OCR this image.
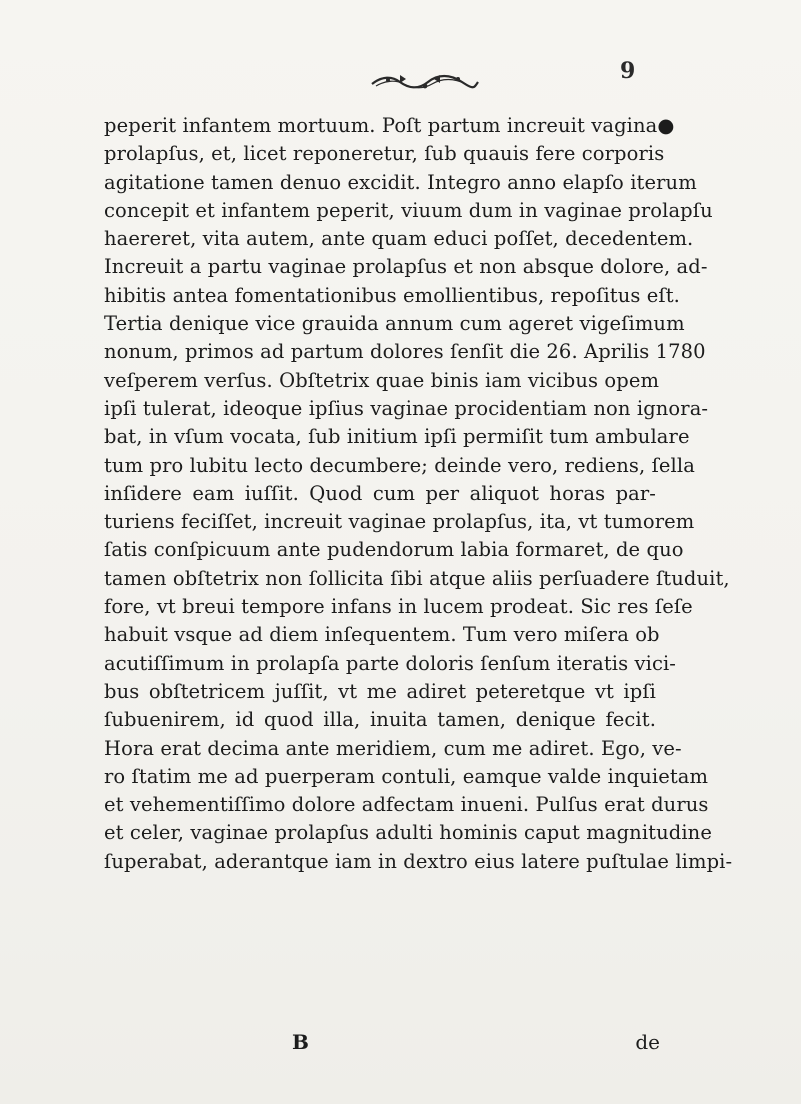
9
peperit infantem mortuum. Poſt partum increuit vagina●
prolapſus, et, licet reponeretur, ſub quauis fere corporis
agitatione tamen denuo excidit. Integro anno elapſo iterum
concepit et infantem peperit, viuum dum in vaginae prolapſu
haereret, vita autem, ante quam educi poſſet, decedentem.
Increuit a partu vaginae prolapſus et non absque dolore, ad-
hibitis antea fomentationibus emollientibus, repoſitus eſt.
Tertia denique vice grauida annum cum ageret vigeſimum
nonum, primos ad partum dolores ſenſit die 26. Aprilis 1780
veſperem verſus. Obſtetrix quae binis iam vicibus opem
ipſi tulerat, ideoque ipſius vaginae procidentiam non ignora-
bat, in vſum vocata, ſub initium ipſi permiſit tum ambulare
tum pro lubitu lecto decumbere; deinde vero, rediens, ſella
inſidere eam iuſſit. Quod cum per aliquot horas par-
turiens feciſſet, increuit vaginae prolapſus, ita, vt tumorem
ſatis conſpicuum ante pudendorum labia formaret, de quo
tamen obſtetrix non ſollicita ſibi atque aliis perſuadere ſtuduit,
fore, vt breui tempore infans in lucem prodeat. Sic res ſeſe
habuit vsque ad diem inſequentem. Tum vero miſera ob
acutiſſimum in prolapſa parte doloris ſenſum iteratis vici-
bus obſtetricem juſſit, vt me adiret peteretque vt ipſi
ſubuenirem, id quod illa, inuita tamen, denique fecit.
Hora erat decima ante meridiem, cum me adiret. Ego, ve-
ro ſtatim me ad puerperam contuli, eamque valde inquietam
et vehementiſſimo dolore adfectam inueni. Pulſus erat durus
et celer, vaginae prolapſus adulti hominis caput magnitudine
ſuperabat, aderantque iam in dextro eius latere puſtulae limpi-
B	de
